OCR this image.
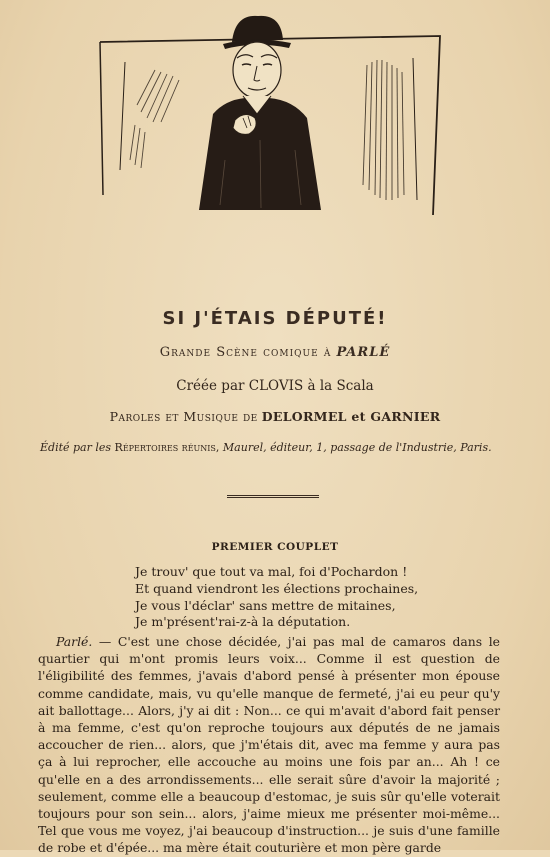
SI J'ÉTAIS DÉPUTÉ!
Grande Scène comique à PARLÉ
Créée par CLOVIS à la Scala
Paroles et Musique de DELORMEL et GARNIER
Édité par les Répertoires réunis, Maurel, éditeur, 1, passage de l'Industrie, Paris.
PREMIER COUPLET
Je trouv' que tout va mal, foi d'Pochardon !
Et quand viendront les élections prochaines,
Je vous l'déclar' sans mettre de mitaines,
Je m'présent'rai-z-à la députation.

Parlé. — C'est une chose décidée, j'ai pas mal de camaros dans le quartier qui m'ont promis leurs voix... Comme il est question de l'éligibilité des femmes, j'avais d'abord pensé à présenter mon épouse comme candidate, mais, vu qu'elle manque de fermeté, j'ai eu peur qu'y ait ballottage... Alors, j'y ai dit : Non... ce qui m'avait d'abord fait penser à ma femme, c'est qu'on reproche toujours aux députés de ne jamais accoucher de rien... alors, que j'm'étais dit, avec ma femme y aura pas ça à lui reprocher, elle accouche au moins une fois par an... Ah ! ce qu'elle en a des arrondissements... elle serait sûre d'avoir la majorité ; seulement, comme elle a beaucoup d'estomac, je suis sûr qu'elle voterait toujours pour son sein... alors, j'aime mieux me présenter moi-même... Tel que vous me voyez, j'ai beaucoup d'instruction... je suis d'une famille de robe et d'épée... ma mère était couturière et mon père garde
